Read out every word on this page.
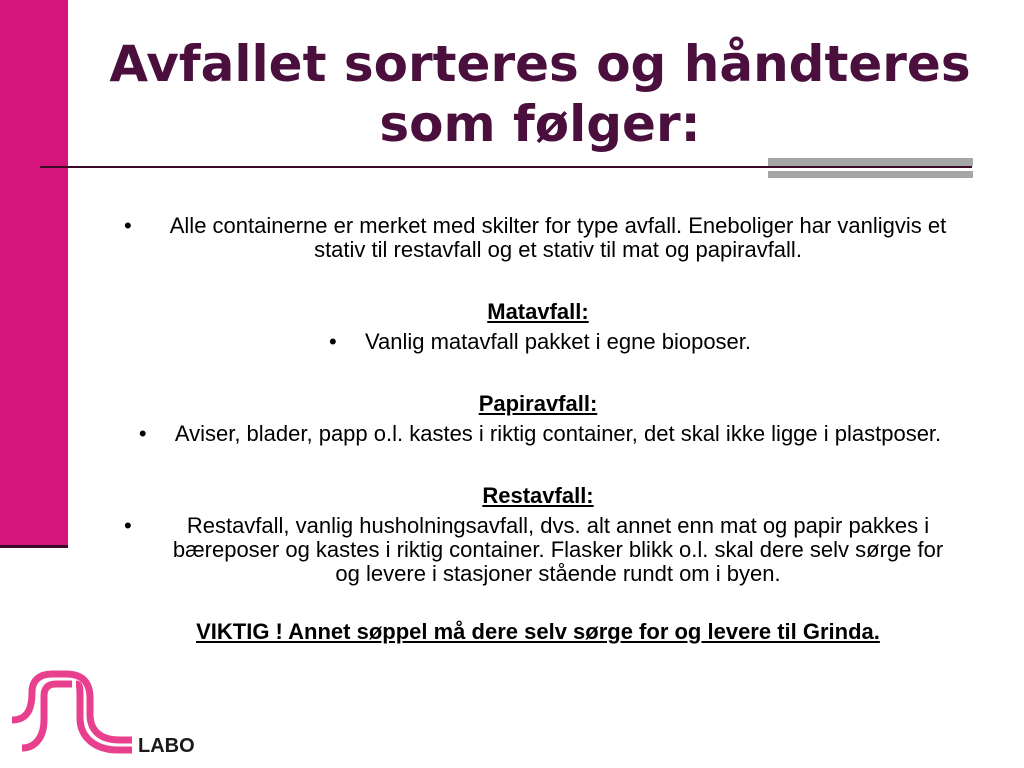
Avfallet sorteres og håndteres som følger:
•	Alle containerne er merket med skilter for type avfall. Eneboliger har vanligvis et stativ til restavfall og et stativ til mat og papiravfall.
Matavfall:
•	Vanlig matavfall pakket i egne bioposer.
Papiravfall:
•	Aviser, blader, papp o.l. kastes i riktig container, det skal ikke ligge i plastposer.
Restavfall:
•	Restavfall, vanlig husholningsavfall, dvs. alt annet enn mat og papir pakkes i bæreposer og kastes i riktig container. Flasker blikk o.l. skal dere selv sørge for og levere i stasjoner stående rundt om i byen.
VIKTIG ! Annet søppel må dere selv sørge for og levere til Grinda.
LABO
